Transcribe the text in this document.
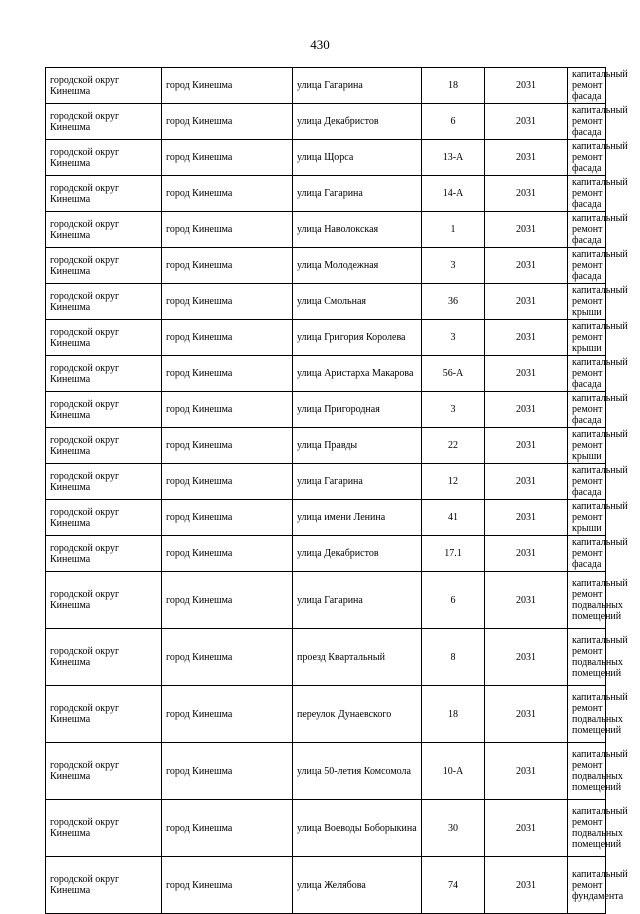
430
городской округ Кинешма	город Кинешма	улица Гагарина	18	2031	капитальный ремонт фасада
городской округ Кинешма	город Кинешма	улица Декабристов	6	2031	капитальный ремонт фасада
городской округ Кинешма	город Кинешма	улица Щорса	13-А	2031	капитальный ремонт фасада
городской округ Кинешма	город Кинешма	улица Гагарина	14-А	2031	капитальный ремонт фасада
городской округ Кинешма	город Кинешма	улица Наволокская	1	2031	капитальный ремонт фасада
городской округ Кинешма	город Кинешма	улица Молодежная	3	2031	капитальный ремонт фасада
городской округ Кинешма	город Кинешма	улица Смольная	36	2031	капитальный ремонт крыши
городской округ Кинешма	город Кинешма	улица Григория Королева	3	2031	капитальный ремонт крыши
городской округ Кинешма	город Кинешма	улица Аристарха Макарова	56-А	2031	капитальный ремонт фасада
городской округ Кинешма	город Кинешма	улица Пригородная	3	2031	капитальный ремонт фасада
городской округ Кинешма	город Кинешма	улица Правды	22	2031	капитальный ремонт крыши
городской округ Кинешма	город Кинешма	улица Гагарина	12	2031	капитальный ремонт фасада
городской округ Кинешма	город Кинешма	улица имени Ленина	41	2031	капитальный ремонт крыши
городской округ Кинешма	город Кинешма	улица Декабристов	17.1	2031	капитальный ремонт фасада
городской округ Кинешма	город Кинешма	улица Гагарина	6	2031	капитальный ремонт подвальных помещений
городской округ Кинешма	город Кинешма	проезд Квартальный	8	2031	капитальный ремонт подвальных помещений
городской округ Кинешма	город Кинешма	переулок Дунаевского	18	2031	капитальный ремонт подвальных помещений
городской округ Кинешма	город Кинешма	улица 50-летия Комсомола	10-А	2031	капитальный ремонт подвальных помещений
городской округ Кинешма	город Кинешма	улица Воеводы Боборыкина	30	2031	капитальный ремонт подвальных помещений
городской округ Кинешма	город Кинешма	улица Желябова	74	2031	капитальный ремонт фундамента
